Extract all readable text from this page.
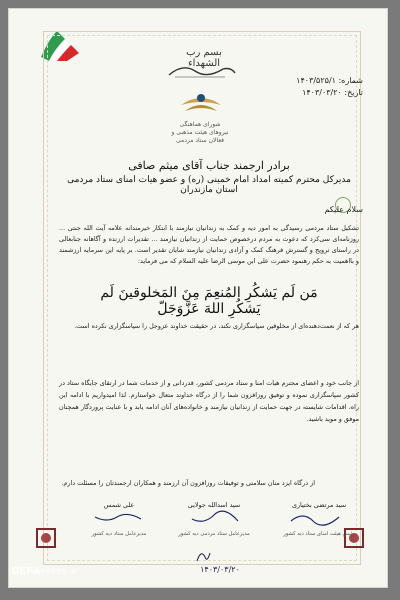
بسم رب الشهداء
شورای هماهنگی نیروهای هیئت مذهبی و فعالان ستاد مردمی
شماره: ۱۴۰۳/۵۲۵/۱
تاریخ: ۱۴۰۳/۰۳/۲۰
برادر ارجمند جناب آقای میثم صافی
مدیرکل محترم کمیته امداد امام خمینی (ره) و عضو هیات امنای ستاد مردمی استان مازندران
سلام علیکم
تشکیل ستاد مردمی رسیدگی به امور دیه و کمک به زندانیان نیازمند با ابتکار خیرمندانه علامه آیت الله جنتی ... روزنامه‌ای سی‌کرد که دعوت به مردم درخصوص حمایت از زندانیان نیازمند ... تقدیرات ارزنده و آگاهانه جنابعالی در راستای ترویج و گسترش فرهنگ کمک و آزادی زندانیان نیازمند شایان تقدیر است. بر پایه این سرمایه ارزشمند و بااهمیت به حکم رهنمود حضرت علی ابن موسی الرضا علیه السلام که می فرماید:
مَن لَم یَشکُرِ المُنعِمَ مِنَ المَخلوقینَ لَم یَشکُرِ اللهَ عَزَّوَجَلّ
هر که از نعمت‌دهنده‌ای از مخلوقین سپاسگزاری نکند، در حقیقت خداوند عزوجل را سپاسگزاری نکرده است.
از جانب خود و اعضای محترم هیات امنا و ستاد مردمی کشور، قدردانی و از خدمات شما در ارتقای جایگاه ستاد در کشور سپاسگزاری نموده و توفیق روزافزون شما را از درگاه خداوند متعال خواستارم. لذا امیدواریم با ادامه این راه، اقدامات شایسته در جهت حمایت از زندانیان نیازمند و خانواده‌های آنان ادامه یابد و با عنایت پروردگار همچنان موفق و موید باشید.
از درگاه ایزد منان سلامتی و توفیقات روزافزون آن ارزمند و همکاران ارجمندتان را مسئلت دارم.
سید مرتضی بختیاری
رئیس هیئت امنای ستاد دیه کشور
سید اسدالله جولایی
مدیرعامل ستاد مردمی دیه کشور
علی شمس
مدیرعامل ستاد دیه کشور
۱۴۰۳/۰۳/۲۰
DEFAPRESS.IR
